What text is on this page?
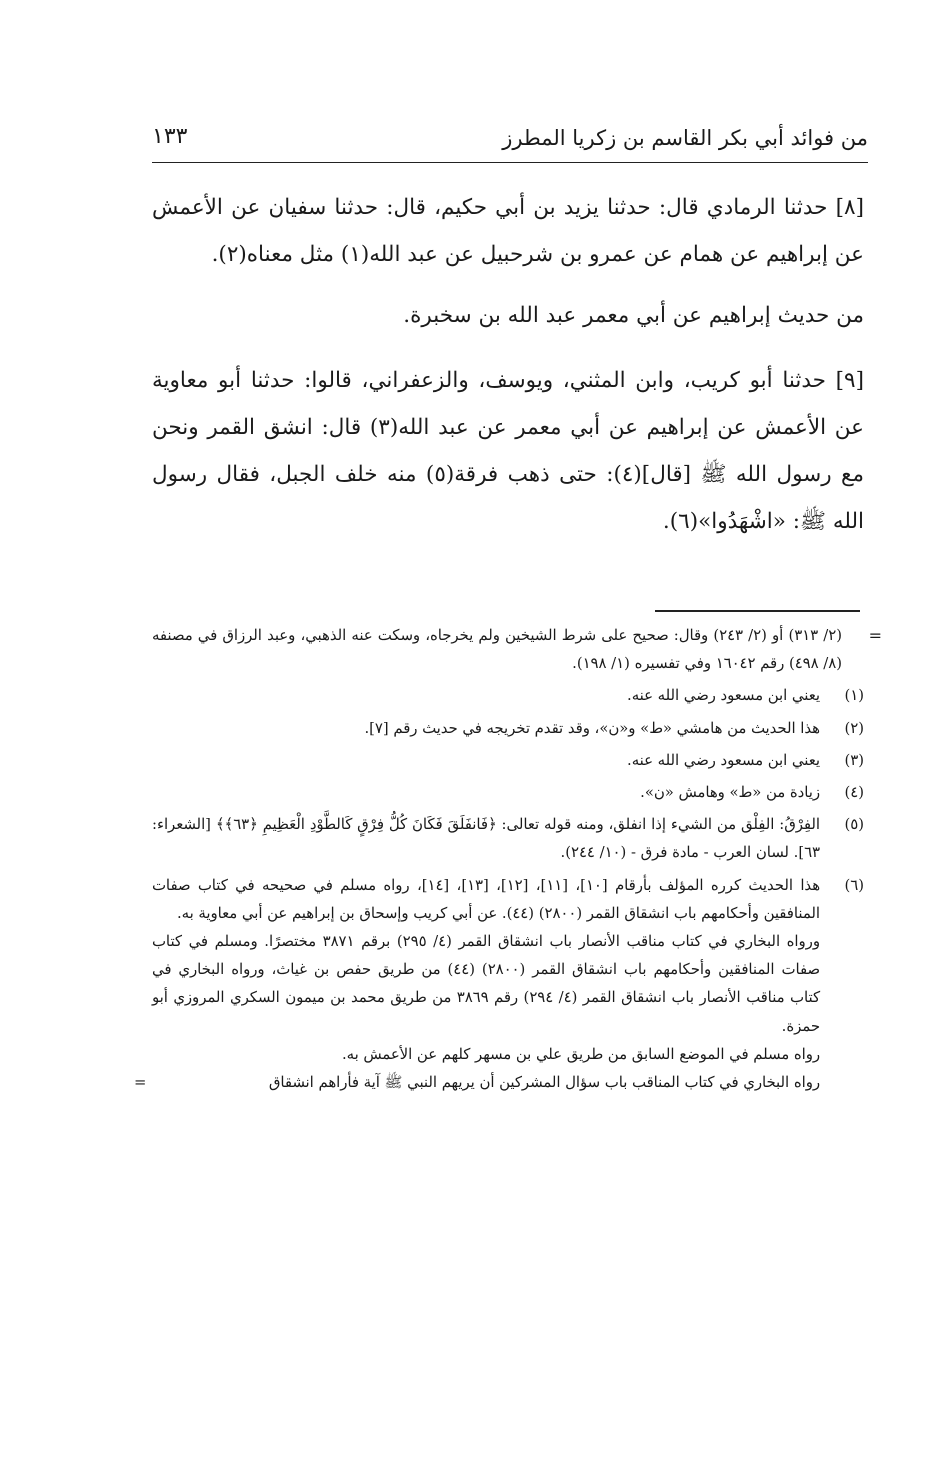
من فوائد أبي بكر القاسم بن زكريا المطرز
١٣٣

[٨] حدثنا الرمادي قال: حدثنا يزيد بن أبي حكيم، قال: حدثنا سفيان عن الأعمش عن إبراهيم عن همام عن عمرو بن شرحبيل عن عبد الله(١) مثل معناه(٢).

من حديث إبراهيم عن أبي معمر عبد الله بن سخبرة.

[٩] حدثنا أبو كريب، وابن المثني، ويوسف، والزعفراني، قالوا: حدثنا أبو معاوية عن الأعمش عن إبراهيم عن أبي معمر عن عبد الله(٣) قال: انشق القمر ونحن مع رسول الله ﷺ [قال](٤): حتى ذهب فرقة(٥) منه خلف الجبل، فقال رسول الله ﷺ: «اشْهَدُوا»(٦).

=
(٢/ ٣١٣) أو (٢/ ٢٤٣) وقال: صحيح على شرط الشيخين ولم يخرجاه، وسكت عنه الذهبي، وعبد الرزاق في مصنفه (٨/ ٤٩٨) رقم ١٦٠٤٢ وفي تفسيره (١/ ١٩٨).
(١)
يعني ابن مسعود رضي الله عنه.
(٢)
هذا الحديث من هامشي «ط» و«ن»، وقد تقدم تخريجه في حديث رقم [٧].
(٣)
يعني ابن مسعود رضي الله عنه.
(٤)
زيادة من «ط» وهامش «ن».
(٥)
الفِرْقُ: الفِلْق من الشيء إذا انفلق، ومنه قوله تعالى: ﴿فَانفَلَقَ فَكَانَ كُلُّ فِرْقٍ كَالطَّوْدِ الْعَظِيمِ ﴿٦٣﴾﴾ [الشعراء: ٦٣]. لسان العرب - مادة فرق - (١٠/ ٢٤٤).
(٦)
هذا الحديث كرره المؤلف بأرقام [١٠]، [١١]، [١٢]، [١٣]، [١٤]، رواه مسلم في صحيحه في كتاب صفات المنافقين وأحكامهم باب انشقاق القمر (٢٨٠٠) (٤٤). عن أبي كريب وإسحاق بن إبراهيم عن أبي معاوية به.
ورواه البخاري في كتاب مناقب الأنصار باب انشقاق القمر (٤/ ٢٩٥) برقم ٣٨٧١ مختصرًا. ومسلم في كتاب صفات المنافقين وأحكامهم باب انشقاق القمر (٢٨٠٠) (٤٤) من طريق حفص بن غياث، ورواه البخاري في كتاب مناقب الأنصار باب انشقاق القمر (٤/ ٢٩٤) رقم ٣٨٦٩ من طريق محمد بن ميمون السكري المروزي أبو حمزة.
رواه مسلم في الموضع السابق من طريق علي بن مسهر كلهم عن الأعمش به.
رواه البخاري في كتاب المناقب باب سؤال المشركين أن يريهم النبي ﷺ آية فأراهم انشقاق
=
